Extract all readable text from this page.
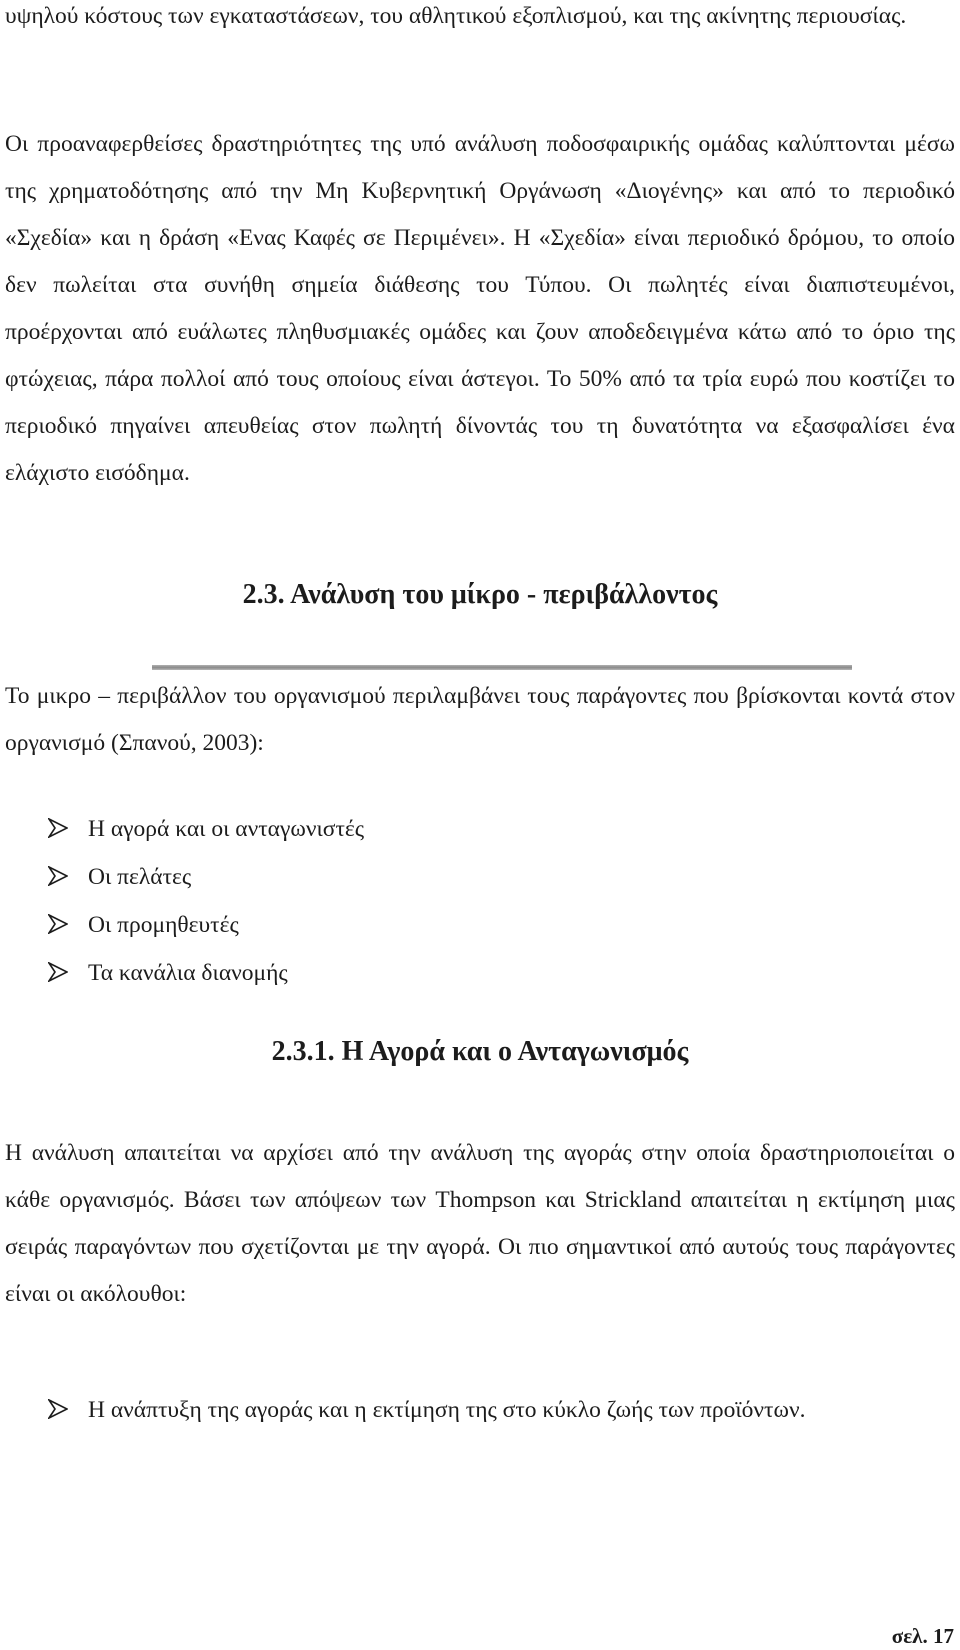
υψηλού κόστους των εγκαταστάσεων, του αθλητικού εξοπλισμού, και της ακίνητης περιουσίας.

Οι προαναφερθείσες δραστηριότητες της υπό ανάλυση ποδοσφαιρικής ομάδας καλύπτονται μέσω της χρηματοδότησης από την Μη Κυβερνητική Οργάνωση «Διογένης» και από το περιοδικό «Σχεδία» και η δράση «Ενας Καφές σε Περιμένει». Η «Σχεδία» είναι περιοδικό δρόμου, το οποίο δεν πωλείται στα συνήθη σημεία διάθεσης του Τύπου. Οι πωλητές είναι διαπιστευμένοι, προέρχονται από ευάλωτες πληθυσμιακές ομάδες και ζουν αποδεδειγμένα κάτω από το όριο της φτώχειας, πάρα πολλοί από τους οποίους είναι άστεγοι. Το 50% από τα τρία ευρώ που κοστίζει το περιοδικό πηγαίνει απευθείας στον πωλητή δίνοντάς του τη δυνατότητα να εξασφαλίσει ένα ελάχιστο εισόδημα.

2.3. Ανάλυση του μίκρο - περιβάλλοντος

Το μικρο – περιβάλλον του οργανισμού περιλαμβάνει τους παράγοντες που βρίσκονται κοντά στον οργανισμό (Σπανού, 2003):

Η αγορά και οι ανταγωνιστές
Οι πελάτες
Οι προμηθευτές
Τα κανάλια διανομής
2.3.1. Η Αγορά και ο Ανταγωνισμός

Η ανάλυση απαιτείται να αρχίσει από την ανάλυση της αγοράς στην οποία δραστηριοποιείται ο κάθε οργανισμός. Βάσει των απόψεων των Thompson και Strickland απαιτείται η εκτίμηση μιας σειράς παραγόντων που σχετίζονται με την αγορά. Οι πιο σημαντικοί από αυτούς τους παράγοντες είναι οι ακόλουθοι:

Η ανάπτυξη της αγοράς και η εκτίμηση της στο κύκλο ζωής των προϊόντων.
σελ. 17
